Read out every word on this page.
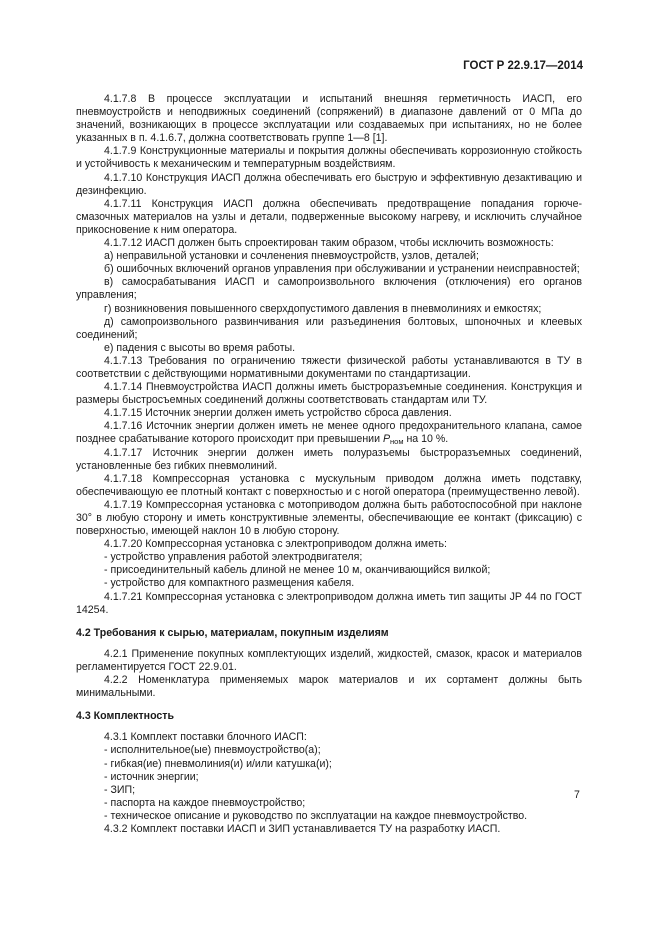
ГОСТ Р 22.9.17—2014

4.1.7.8 В процессе эксплуатации и испытаний внешняя герметичность ИАСП, его пневмоустройств и неподвижных соединений (сопряжений) в диапазоне давлений от 0 МПа до значений, возникающих в процессе эксплуатации или создаваемых при испытаниях, но не более указанных в п. 4.1.6.7, должна соответствовать группе 1—8 [1].

4.1.7.9 Конструкционные материалы и покрытия должны обеспечивать коррозионную стойкость и устойчивость к механическим и температурным воздействиям.

4.1.7.10 Конструкция ИАСП должна обеспечивать его быструю и эффективную дезактивацию и дезинфекцию.

4.1.7.11 Конструкция ИАСП должна обеспечивать предотвращение попадания горюче-смазочных материалов на узлы и детали, подверженные высокому нагреву, и исключить случайное прикосновение к ним оператора.

4.1.7.12 ИАСП должен быть спроектирован таким образом, чтобы исключить возможность:

а) неправильной установки и сочленения пневмоустройств, узлов, деталей;

б) ошибочных включений органов управления при обслуживании и устранении неисправностей;

в) самосрабатывания ИАСП и самопроизвольного включения (отключения) его органов управления;

г) возникновения повышенного сверхдопустимого давления в пневмолиниях и емкостях;

д) самопроизвольного развинчивания или разъединения болтовых, шпоночных и клеевых соединений;

е) падения с высоты во время работы.

4.1.7.13 Требования по ограничению тяжести физической работы устанавливаются в ТУ в соответствии с действующими нормативными документами по стандартизации.

4.1.7.14 Пневмоустройства ИАСП должны иметь быстроразъемные соединения. Конструкция и размеры быстросъемных соединений должны соответствовать стандартам или ТУ.

4.1.7.15 Источник энергии должен иметь устройство сброса давления.

4.1.7.16 Источник энергии должен иметь не менее одного предохранительного клапана, самое позднее срабатывание которого происходит при превышении $P_{ном}$ на 10 %.

4.1.7.17 Источник энергии должен иметь полуразъемы быстроразъемных соединений, установленные без гибких пневмолиний.

4.1.7.18 Компрессорная установка с мускульным приводом должна иметь подставку, обеспечивающую ее плотный контакт с поверхностью и с ногой оператора (преимущественно левой).

4.1.7.19 Компрессорная установка с мотоприводом должна быть работоспособной при наклоне 30° в любую сторону и иметь конструктивные элементы, обеспечивающие ее контакт (фиксацию) с поверхностью, имеющей наклон 10 в любую сторону.

4.1.7.20 Компрессорная установка с электроприводом должна иметь:

- устройство управления работой электродвигателя;

- присоединительный кабель длиной не менее 10 м, оканчивающийся вилкой;

- устройство для компактного размещения кабеля.

4.1.7.21 Компрессорная установка с электроприводом должна иметь тип защиты JP 44 по ГОСТ 14254.

4.2 Требования к сырью, материалам, покупным изделиям

4.2.1 Применение покупных комплектующих изделий, жидкостей, смазок, красок и материалов регламентируется ГОСТ 22.9.01.

4.2.2 Номенклатура применяемых марок материалов и их сортамент должны быть минимальными.

4.3 Комплектность

4.3.1 Комплект поставки блочного ИАСП:

- исполнительное(ые) пневмоустройство(а);

- гибкая(ие) пневмолиния(и) и/или катушка(и);

- источник энергии;

- ЗИП;

- паспорта на каждое пневмоустройство;

- техническое описание и руководство по эксплуатации на каждое пневмоустройство.

4.3.2 Комплект поставки ИАСП и ЗИП устанавливается ТУ на разработку ИАСП.

7
